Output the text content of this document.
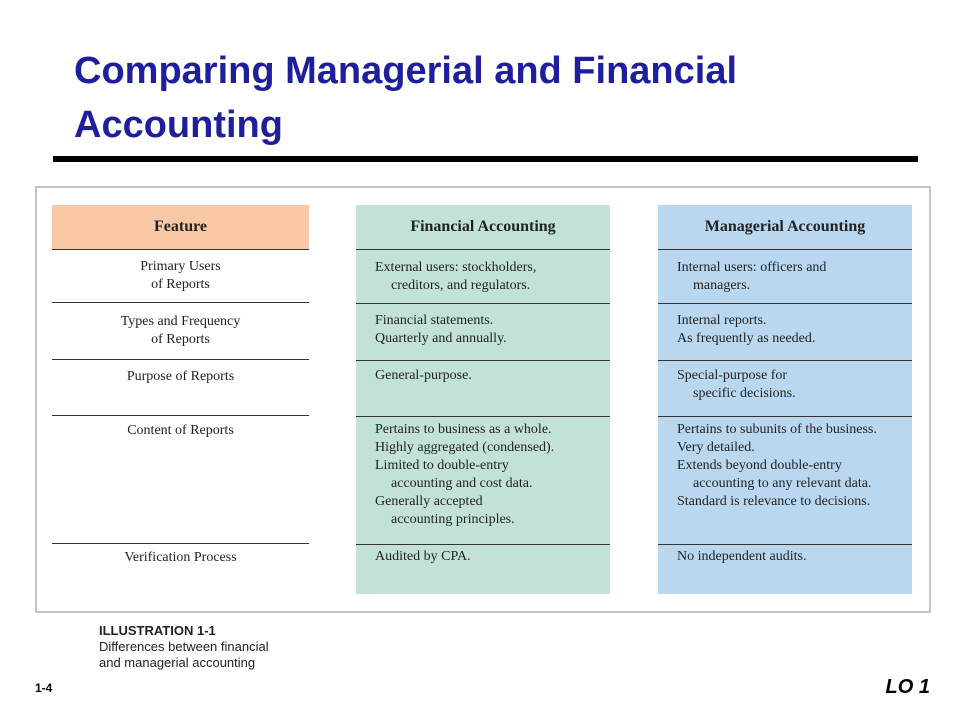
Comparing Managerial and Financial Accounting
Feature
Primary Users
of Reports
Types and Frequency
of Reports
Purpose of Reports
Content of Reports
Verification Process
Financial Accounting
External users: stockholders,
creditors, and regulators.
Financial statements.
Quarterly and annually.
General-purpose.
Pertains to business as a whole.
Highly aggregated (condensed).
Limited to double-entry
accounting and cost data.
Generally accepted
accounting principles.
Audited by CPA.
Managerial Accounting
Internal users: officers and
managers.
Internal reports.
As frequently as needed.
Special-purpose for
specific decisions.
Pertains to subunits of the business.
Very detailed.
Extends beyond double-entry
accounting to any relevant data.
Standard is relevance to decisions.
No independent audits.
ILLUSTRATION 1-1
Differences between financial
and managerial accounting
1-4	LO 1
